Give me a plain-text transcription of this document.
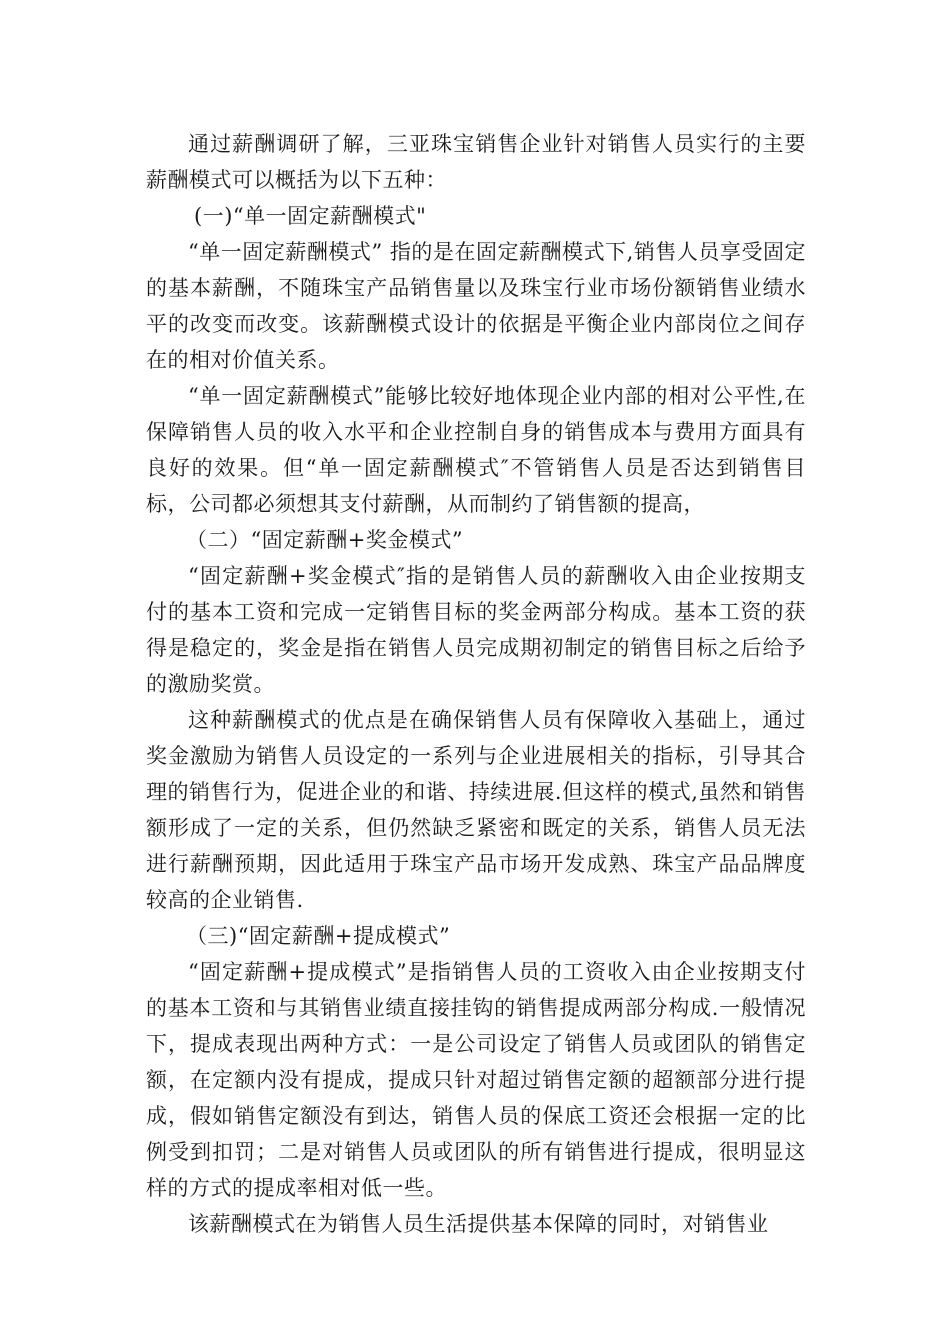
通过薪酬调研了解，三亚珠宝销售企业针对销售人员实行的主要薪酬模式可以概括为以下五种：

(一)“单一固定薪酬模式"

“单一固定薪酬模式” 指的是在固定薪酬模式下,销售人员享受固定的基本薪酬，不随珠宝产品销售量以及珠宝行业市场份额销售业绩水平的改变而改变。该薪酬模式设计的依据是平衡企业内部岗位之间存在的相对价值关系。

“单一固定薪酬模式”能够比较好地体现企业内部的相对公平性,在保障销售人员的收入水平和企业控制自身的销售成本与费用方面具有良好的效果。但“单一固定薪酬模式″不管销售人员是否达到销售目标，公司都必须想其支付薪酬，从而制约了销售额的提高，

（二）“固定薪酬+奖金模式”

“固定薪酬+奖金模式″指的是销售人员的薪酬收入由企业按期支付的基本工资和完成一定销售目标的奖金两部分构成。基本工资的获得是稳定的，奖金是指在销售人员完成期初制定的销售目标之后给予的激励奖赏。

这种薪酬模式的优点是在确保销售人员有保障收入基础上，通过奖金激励为销售人员设定的一系列与企业进展相关的指标，引导其合理的销售行为，促进企业的和谐、持续进展.但这样的模式,虽然和销售额形成了一定的关系，但仍然缺乏紧密和既定的关系，销售人员无法进行薪酬预期，因此适用于珠宝产品市场开发成熟、珠宝产品品牌度较高的企业销售.

（三)“固定薪酬+提成模式”

“固定薪酬+提成模式”是指销售人员的工资收入由企业按期支付的基本工资和与其销售业绩直接挂钩的销售提成两部分构成.一般情况下，提成表现出两种方式：一是公司设定了销售人员或团队的销售定额，在定额内没有提成，提成只针对超过销售定额的超额部分进行提成，假如销售定额没有到达，销售人员的保底工资还会根据一定的比例受到扣罚；二是对销售人员或团队的所有销售进行提成，很明显这样的方式的提成率相对低一些。

该薪酬模式在为销售人员生活提供基本保障的同时，对销售业
